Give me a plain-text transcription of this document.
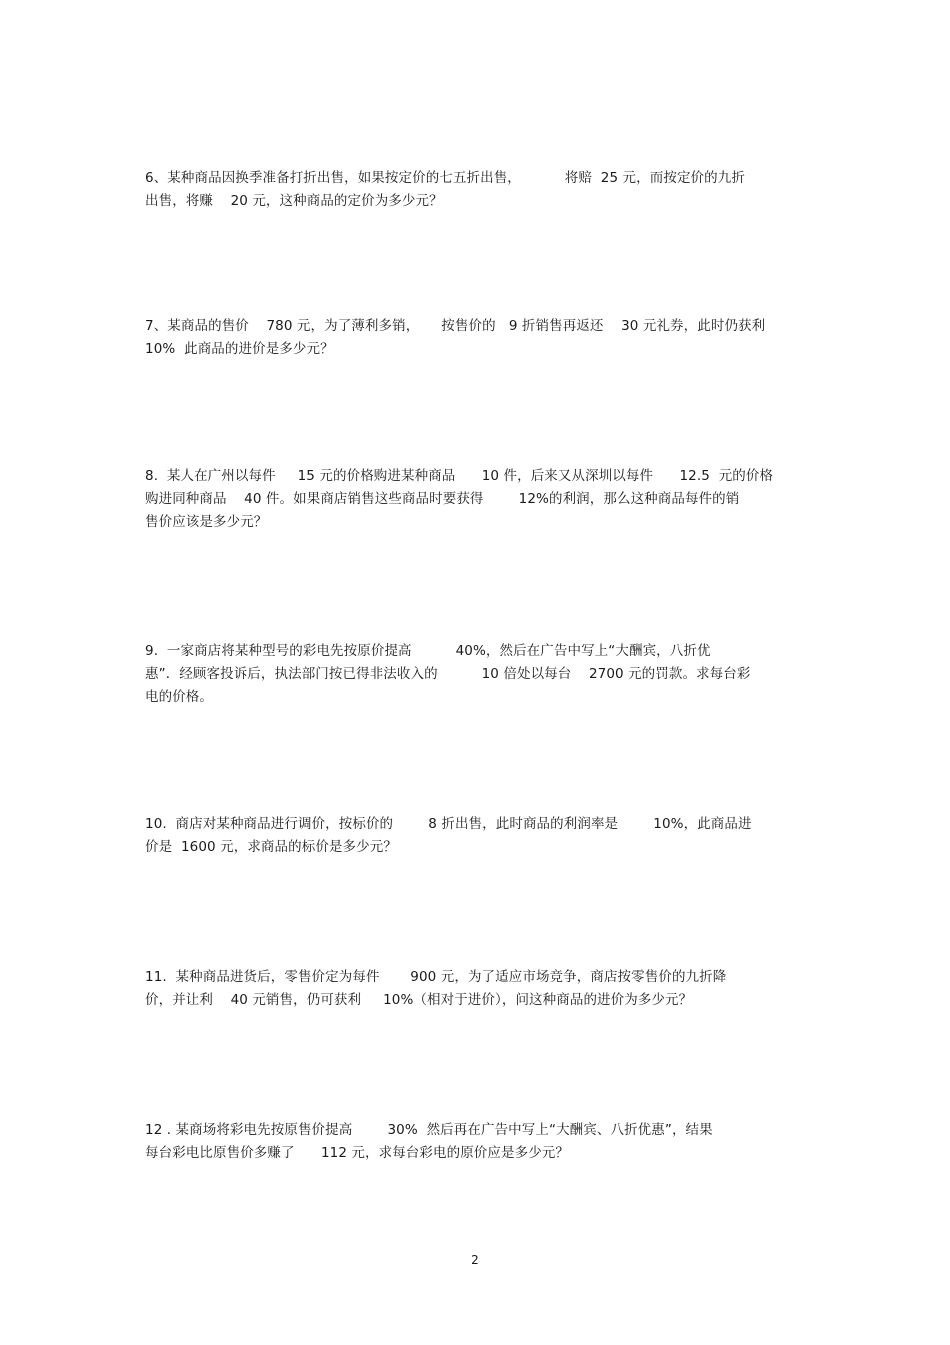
6、某种商品因换季准备打折出售，如果按定价的七五折出售，          将赔  25 元，而按定价的九折
出售，将赚    20 元，这种商品的定价为多少元？
7、某商品的售价    780 元，为了薄利多销，     按售价的   9 折销售再返还    30 元礼券，此时仍获利
10%  此商品的进价是多少元？
8.  某人在广州以每件     15 元的价格购进某种商品      10 件，后来又从深圳以每件      12.5  元的价格
购进同种商品    40 件。如果商店销售这些商品时要获得        12%的利润，那么这种商品每件的销
售价应该是多少元？
9.  一家商店将某种型号的彩电先按原价提高          40%，然后在广告中写上“大酬宾，八折优
惠”．经顾客投诉后，执法部门按已得非法收入的          10 倍处以每台    2700 元的罚款。求每台彩
电的价格。
10.  商店对某种商品进行调价，按标价的        8 折出售，此时商品的利润率是        10%，此商品进
价是  1600 元，求商品的标价是多少元？
11.  某种商品进货后，零售价定为每件       900 元，为了适应市场竞争，商店按零售价的九折降
价，并让利    40 元销售，仍可获利     10%（相对于进价），问这种商品的进价为多少元？
12 . 某商场将彩电先按原售价提高        30%  然后再在广告中写上“大酬宾、八折优惠”，结果
每台彩电比原售价多赚了      112 元，求每台彩电的原价应是多少元？
2
